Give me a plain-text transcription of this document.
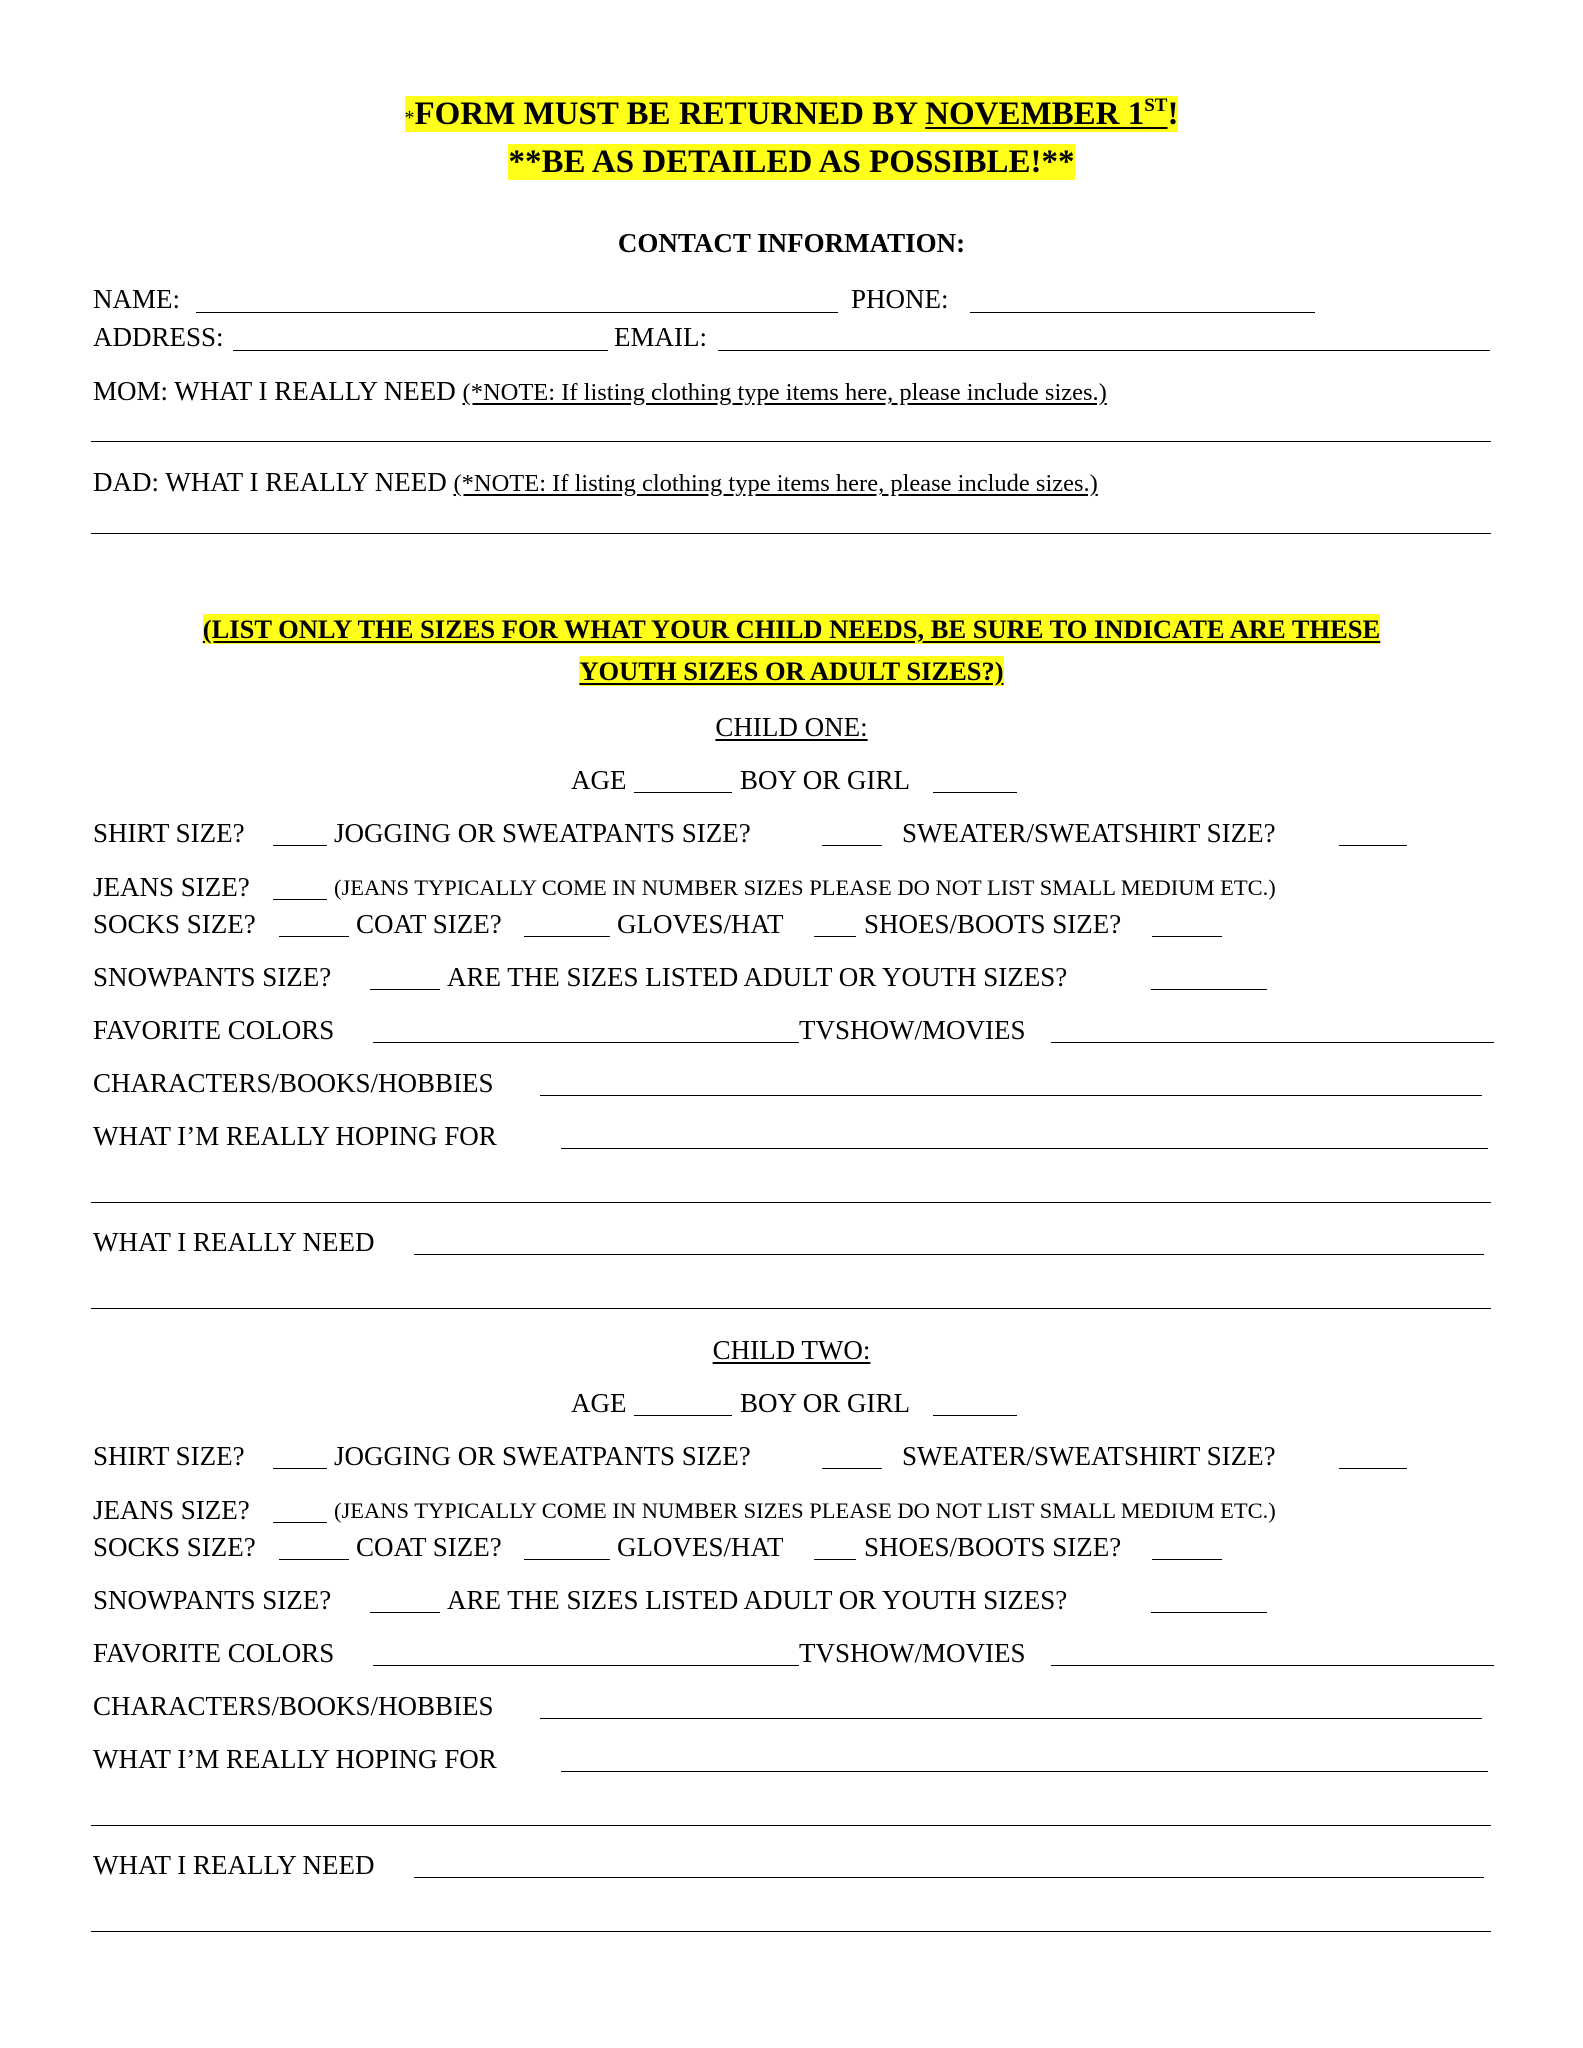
*FORM MUST BE RETURNED BY NOVEMBER 1ST!
**BE AS DETAILED AS POSSIBLE!**
CONTACT INFORMATION:
NAME:	PHONE:
ADDRESS:	EMAIL:
MOM: WHAT I REALLY NEED (*NOTE: If listing clothing type items here, please include sizes.)
DAD: WHAT I REALLY NEED (*NOTE: If listing clothing type items here, please include sizes.)
(LIST ONLY THE SIZES FOR WHAT YOUR CHILD NEEDS, BE SURE TO INDICATE ARE THESE
YOUTH SIZES OR ADULT SIZES?)
CHILD ONE:
AGE	BOY OR GIRL
SHIRT SIZE?	JOGGING OR SWEATPANTS SIZE?	SWEATER/SWEATSHIRT SIZE?
JEANS SIZE?	(JEANS TYPICALLY COME IN NUMBER SIZES PLEASE DO NOT LIST SMALL MEDIUM ETC.)
SOCKS SIZE?	COAT SIZE?	GLOVES/HAT	SHOES/BOOTS SIZE?
SNOWPANTS SIZE?	ARE THE SIZES LISTED ADULT OR YOUTH SIZES?
FAVORITE COLORS	TVSHOW/MOVIES
CHARACTERS/BOOKS/HOBBIES
WHAT I’M REALLY HOPING FOR
WHAT I REALLY NEED
CHILD TWO:
AGE	BOY OR GIRL
SHIRT SIZE?	JOGGING OR SWEATPANTS SIZE?	SWEATER/SWEATSHIRT SIZE?
JEANS SIZE?	(JEANS TYPICALLY COME IN NUMBER SIZES PLEASE DO NOT LIST SMALL MEDIUM ETC.)
SOCKS SIZE?	COAT SIZE?	GLOVES/HAT	SHOES/BOOTS SIZE?
SNOWPANTS SIZE?	ARE THE SIZES LISTED ADULT OR YOUTH SIZES?
FAVORITE COLORS	TVSHOW/MOVIES
CHARACTERS/BOOKS/HOBBIES
WHAT I’M REALLY HOPING FOR
WHAT I REALLY NEED
